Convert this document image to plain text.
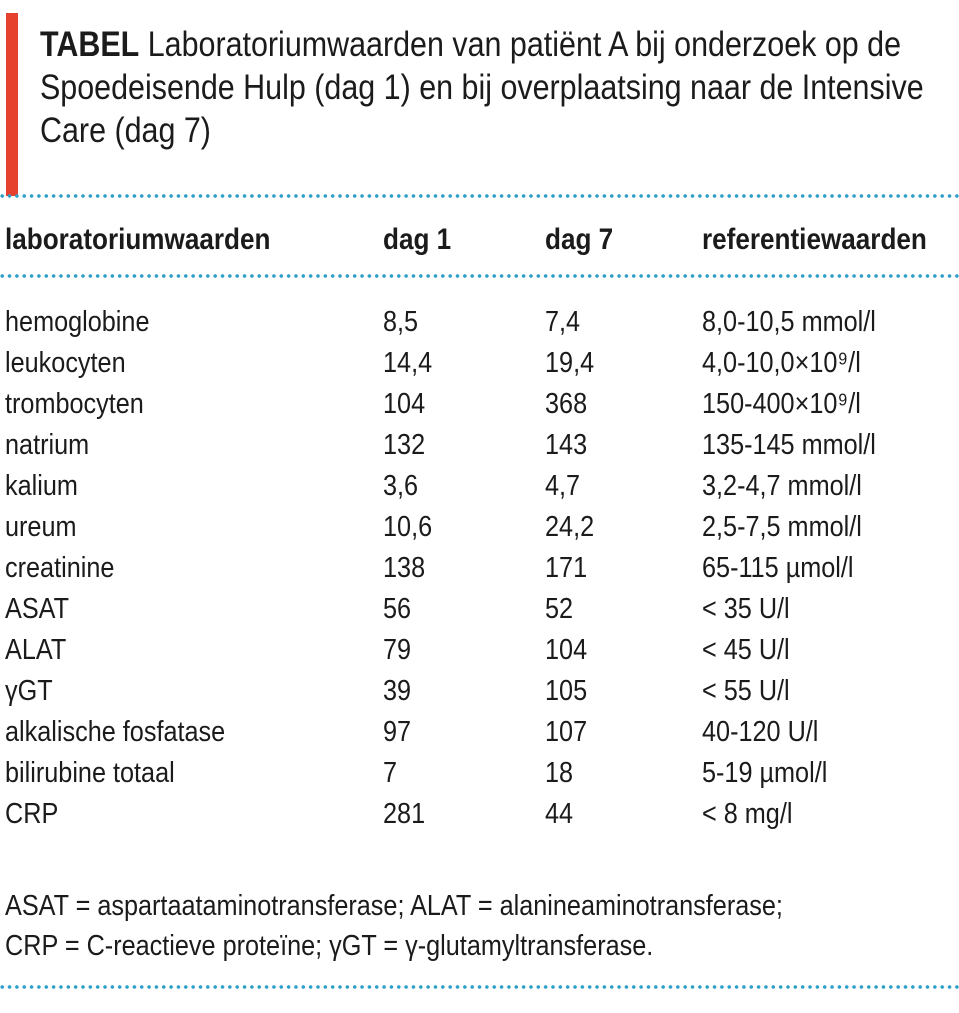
TABEL Laboratoriumwaarden van patiënt A bij onderzoek op de
Spoedeisende Hulp (dag 1) en bij overplaatsing naar de Intensive
Care (dag 7)
laboratoriumwaarden	dag 1	dag 7	referentiewaarden
hemoglobine	8,5	7,4	8,0-10,5 mmol/l
leukocyten	14,4	19,4	4,0-10,0×10⁹/l
trombocyten	104	368	150-400×10⁹/l
natrium	132	143	135-145 mmol/l
kalium	3,6	4,7	3,2-4,7 mmol/l
ureum	10,6	24,2	2,5-7,5 mmol/l
creatinine	138	171	65-115 µmol/l
ASAT	56	52	< 35 U/l
ALAT	79	104	< 45 U/l
γGT	39	105	< 55 U/l
alkalische fosfatase	97	107	40-120 U/l
bilirubine totaal	7	18	5-19 µmol/l
CRP	281	44	< 8 mg/l
ASAT = aspartaataminotransferase; ALAT = alanineaminotransferase;
CRP = C-reactieve proteïne; γGT = γ-glutamyltransferase.
